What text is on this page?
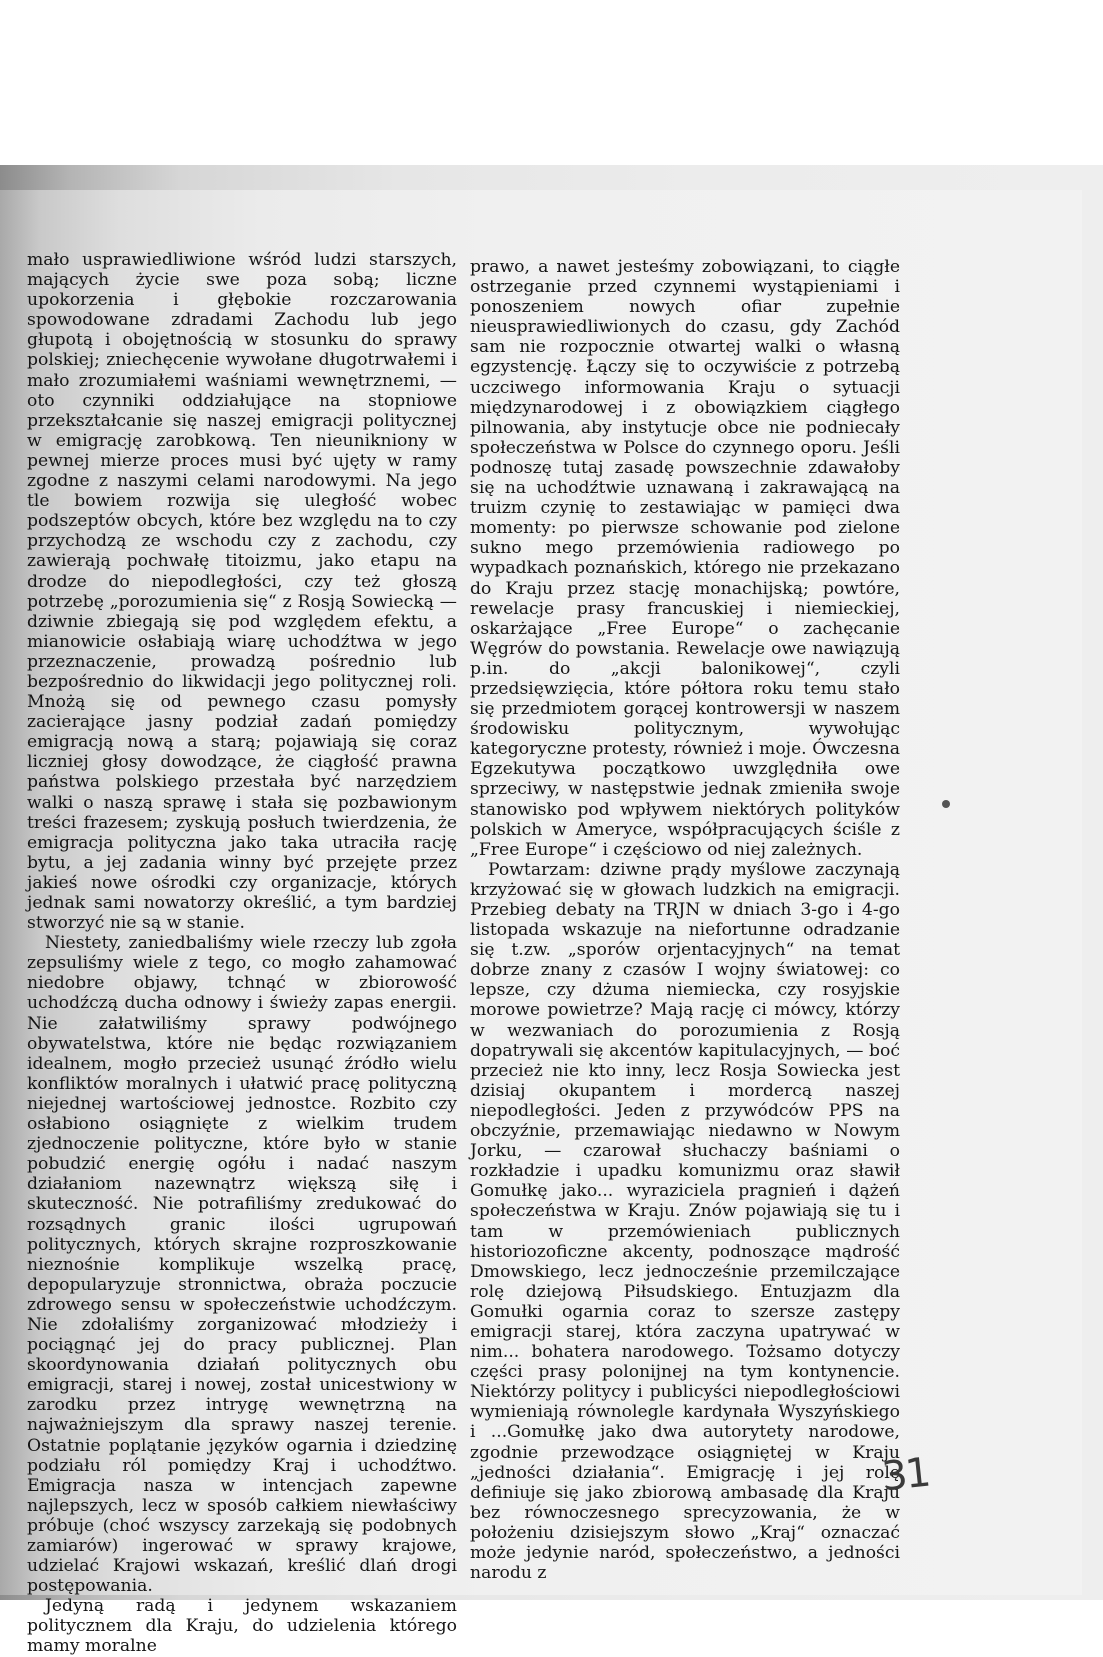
mało usprawiedliwione wśród ludzi starszych, mających życie swe poza sobą; liczne upokorzenia i głębokie rozczarowania spowodowane zdradami Zachodu lub jego głupotą i obojętnością w stosunku do sprawy polskiej; zniechęcenie wywołane długotrwałemi i mało zrozumiałemi waśniami wewnętrznemi, — oto czynniki oddziałujące na stopniowe przekształcanie się naszej emigracji politycznej w emigrację zarobkową. Ten nieunikniony w pewnej mierze proces musi być ujęty w ramy zgodne z naszymi celami narodowymi. Na jego tle bowiem rozwija się uległość wobec podszeptów obcych, które bez względu na to czy przychodzą ze wschodu czy z zachodu, czy zawierają pochwałę titoizmu, jako etapu na drodze do niepodległości, czy też głoszą potrzebę „porozumienia się“ z Rosją Sowiecką — dziwnie zbiegają się pod względem efektu, a mianowicie osłabiają wiarę uchodźtwa w jego przeznaczenie, prowadzą pośrednio lub bezpośrednio do likwidacji jego politycznej roli. Mnożą się od pewnego czasu pomysły zacierające jasny podział zadań pomiędzy emigracją nową a starą; pojawiają się coraz liczniej głosy dowodzące, że ciągłość prawna państwa polskiego przestała być narzędziem walki o naszą sprawę i stała się pozbawionym treści frazesem; zyskują posłuch twierdzenia, że emigracja polityczna jako taka utraciła rację bytu, a jej zadania winny być przejęte przez jakieś nowe ośrodki czy organizacje, których jednak sami nowatorzy określić, a tym bardziej stworzyć nie są w stanie.

Niestety, zaniedbaliśmy wiele rzeczy lub zgoła zepsuliśmy wiele z tego, co mogło zahamować niedobre objawy, tchnąć w zbiorowość uchodźczą ducha odnowy i świeży zapas energii. Nie załatwiliśmy sprawy podwójnego obywatelstwa, które nie będąc rozwiązaniem idealnem, mogło przecież usunąć źródło wielu konfliktów moralnych i ułatwić pracę polityczną niejednej wartościowej jednostce. Rozbito czy osłabiono osiągnięte z wielkim trudem zjednoczenie polityczne, które było w stanie pobudzić energię ogółu i nadać naszym działaniom nazewnątrz większą siłę i skuteczność. Nie potrafiliśmy zredukować do rozsądnych granic ilości ugrupowań politycznych, których skrajne rozproszkowanie nieznośnie komplikuje wszelką pracę, depopularyzuje stronnictwa, obraża poczucie zdrowego sensu w społeczeństwie uchodźczym. Nie zdołaliśmy zorganizować młodzieży i pociągnąć jej do pracy publicznej. Plan skoordynowania działań politycznych obu emigracji, starej i nowej, został unicestwiony w zarodku przez intrygę wewnętrzną na najważniejszym dla sprawy naszej terenie. Ostatnie poplątanie języków ogarnia i dziedzinę podziału ról pomiędzy Kraj i uchodźtwo. Emigracja nasza w intencjach zapewne najlepszych, lecz w sposób całkiem niewłaściwy próbuje (choć wszyscy zarzekają się podobnych zamiarów) ingerować w sprawy krajowe, udzielać Krajowi wskazań, kreślić dlań drogi postępowania.

Jedyną radą i jedynem wskazaniem politycznem dla Kraju, do udzielenia którego mamy moralne

prawo, a nawet jesteśmy zobowiązani, to ciągłe ostrzeganie przed czynnemi wystąpieniami i ponoszeniem nowych ofiar zupełnie nieusprawiedliwionych do czasu, gdy Zachód sam nie rozpocznie otwartej walki o własną egzystencję. Łączy się to oczywiście z potrzebą uczciwego informowania Kraju o sytuacji międzynarodowej i z obowiązkiem ciągłego pilnowania, aby instytucje obce nie podniecały społeczeństwa w Polsce do czynnego oporu. Jeśli podnoszę tutaj zasadę powszechnie zdawałoby się na uchodźtwie uznawaną i zakrawającą na truizm czynię to zestawiając w pamięci dwa momenty: po pierwsze schowanie pod zielone sukno mego przemówienia radiowego po wypadkach poznańskich, którego nie przekazano do Kraju przez stację monachijską; powtóre, rewelacje prasy francuskiej i niemieckiej, oskarżające „Free Europe“ o zachęcanie Węgrów do powstania. Rewelacje owe nawiązują p.in. do „akcji balonikowej“, czyli przedsięwzięcia, które półtora roku temu stało się przedmiotem gorącej kontrowersji w naszem środowisku politycznym, wywołując kategoryczne protesty, również i moje. Ówczesna Egzekutywa początkowo uwzględniła owe sprzeciwy, w następstwie jednak zmieniła swoje stanowisko pod wpływem niektórych polityków polskich w Ameryce, współpracujących ściśle z „Free Europe“ i częściowo od niej zależnych.

Powtarzam: dziwne prądy myślowe zaczynają krzyżować się w głowach ludzkich na emigracji. Przebieg debaty na TRJN w dniach 3-go i 4-go listopada wskazuje na niefortunne odradzanie się t.zw. „sporów orjentacyjnych“ na temat dobrze znany z czasów I wojny światowej: co lepsze, czy dżuma niemiecka, czy rosyjskie morowe powietrze? Mają rację ci mówcy, którzy w wezwaniach do porozumienia z Rosją dopatrywali się akcentów kapitulacyjnych, — boć przecież nie kto inny, lecz Rosja Sowiecka jest dzisiaj okupantem i mordercą naszej niepodległości. Jeden z przywódców PPS na obczyźnie, przemawiając niedawno w Nowym Jorku, — czarował słuchaczy baśniami o rozkładzie i upadku komunizmu oraz sławił Gomułkę jako... wyraziciela pragnień i dążeń społeczeństwa w Kraju. Znów pojawiają się tu i tam w przemówieniach publicznych historiozoficzne akcenty, podnoszące mądrość Dmowskiego, lecz jednocześnie przemilczające rolę dziejową Piłsudskiego. Entuzjazm dla Gomułki ogarnia coraz to szersze zastępy emigracji starej, która zaczyna upatrywać w nim... bohatera narodowego. Tożsamo dotyczy części prasy polonijnej na tym kontynencie. Niektórzy politycy i publicyści niepodległościowi wymieniają równolegle kardynała Wyszyńskiego i ...Gomułkę jako dwa autorytety narodowe, zgodnie przewodzące osiągniętej w Kraju „jedności działania“. Emigrację i jej rolę definiuje się jako zbiorową ambasadę dla Kraju bez równoczesnego sprecyzowania, że w położeniu dzisiejszym słowo „Kraj“ oznaczać może jedynie naród, społeczeństwo, a jedności narodu z

31
